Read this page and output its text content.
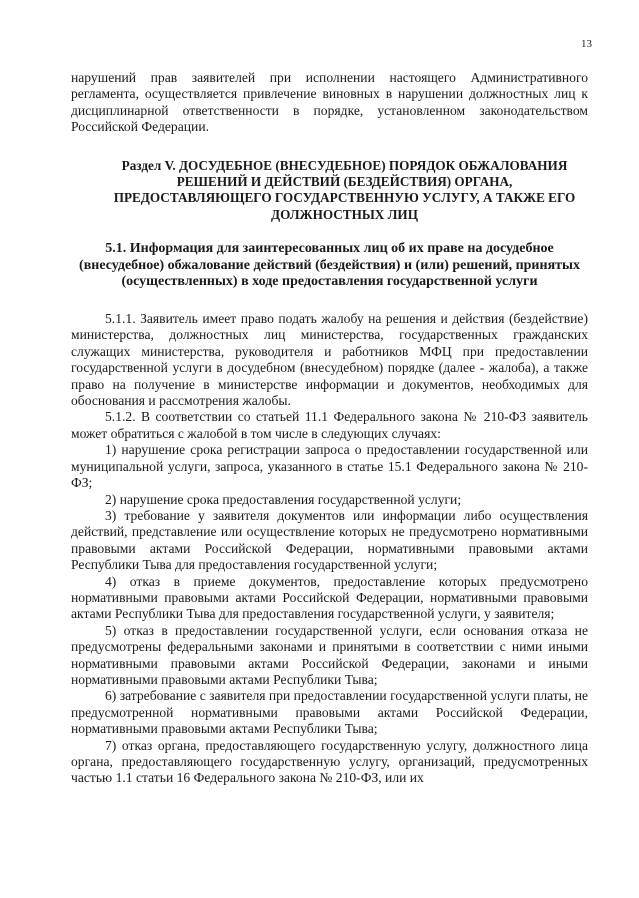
13

нарушений прав заявителей при исполнении настоящего Административного регламента, осуществляется привлечение виновных в нарушении должностных лиц к дисциплинарной ответственности в порядке, установленном законодательством Российской Федерации.

Раздел V. ДОСУДЕБНОЕ (ВНЕСУДЕБНОЕ) ПОРЯДОК ОБЖАЛОВАНИЯ РЕШЕНИЙ И ДЕЙСТВИЙ (БЕЗДЕЙСТВИЯ) ОРГАНА, ПРЕДОСТАВЛЯЮЩЕГО ГОСУДАРСТВЕННУЮ УСЛУГУ, А ТАКЖЕ ЕГО ДОЛЖНОСТНЫХ ЛИЦ
5.1. Информация для заинтересованных лиц об их праве на досудебное (внесудебное) обжалование действий (бездействия) и (или) решений, принятых (осуществленных) в ходе предоставления государственной услуги

5.1.1. Заявитель имеет право подать жалобу на решения и действия (бездействие) министерства, должностных лиц министерства, государственных гражданских служащих министерства, руководителя и работников МФЦ при предоставлении государственной услуги в досудебном (внесудебном) порядке (далее - жалоба), а также право на получение в министерстве информации и документов, необходимых для обоснования и рассмотрения жалобы.

5.1.2. В соответствии со статьей 11.1 Федерального закона № 210-ФЗ заявитель может обратиться с жалобой в том числе в следующих случаях:

1) нарушение срока регистрации запроса о предоставлении государственной или муниципальной услуги, запроса, указанного в статье 15.1 Федерального закона № 210-ФЗ;

2) нарушение срока предоставления государственной услуги;

3) требование у заявителя документов или информации либо осуществления действий, представление или осуществление которых не предусмотрено нормативными правовыми актами Российской Федерации, нормативными правовыми актами Республики Тыва для предоставления государственной услуги;

4) отказ в приеме документов, предоставление которых предусмотрено нормативными правовыми актами Российской Федерации, нормативными правовыми актами Республики Тыва для предоставления государственной услуги, у заявителя;

5) отказ в предоставлении государственной услуги, если основания отказа не предусмотрены федеральными законами и принятыми в соответствии с ними иными нормативными правовыми актами Российской Федерации, законами и иными нормативными правовыми актами Республики Тыва;

6) затребование с заявителя при предоставлении государственной услуги платы, не предусмотренной нормативными правовыми актами Российской Федерации, нормативными правовыми актами Республики Тыва;

7) отказ органа, предоставляющего государственную услугу, должностного лица органа, предоставляющего государственную услугу, организаций, предусмотренных частью 1.1 статьи 16 Федерального закона № 210-ФЗ, или их
